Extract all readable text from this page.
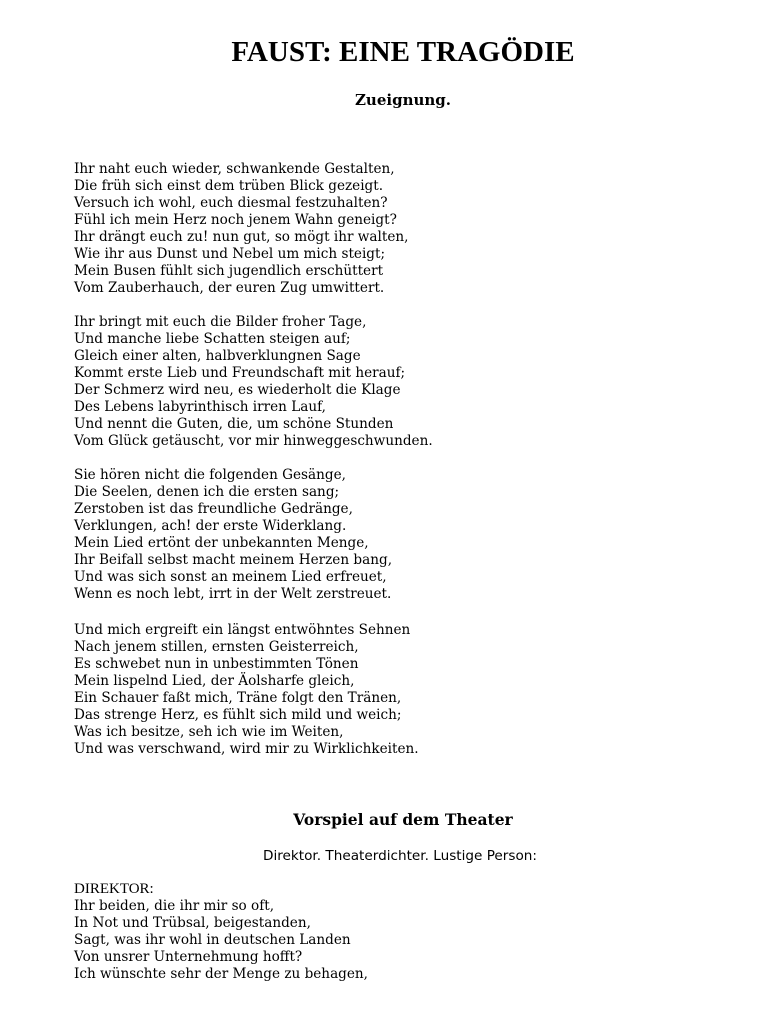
FAUST: EINE TRAGÖDIE
Zueignung.
Ihr naht euch wieder, schwankende Gestalten,
Die früh sich einst dem trüben Blick gezeigt.
Versuch ich wohl, euch diesmal festzuhalten?
Fühl ich mein Herz noch jenem Wahn geneigt?
Ihr drängt euch zu! nun gut, so mögt ihr walten,
Wie ihr aus Dunst und Nebel um mich steigt;
Mein Busen fühlt sich jugendlich erschüttert
Vom Zauberhauch, der euren Zug umwittert.
Ihr bringt mit euch die Bilder froher Tage,
Und manche liebe Schatten steigen auf;
Gleich einer alten, halbverklungnen Sage
Kommt erste Lieb und Freundschaft mit herauf;
Der Schmerz wird neu, es wiederholt die Klage
Des Lebens labyrinthisch irren Lauf,
Und nennt die Guten, die, um schöne Stunden
Vom Glück getäuscht, vor mir hinweggeschwunden.
Sie hören nicht die folgenden Gesänge,
Die Seelen, denen ich die ersten sang;
Zerstoben ist das freundliche Gedränge,
Verklungen, ach! der erste Widerklang.
Mein Lied ertönt der unbekannten Menge,
Ihr Beifall selbst macht meinem Herzen bang,
Und was sich sonst an meinem Lied erfreuet,
Wenn es noch lebt, irrt in der Welt zerstreuet.
Und mich ergreift ein längst entwöhntes Sehnen
Nach jenem stillen, ernsten Geisterreich,
Es schwebet nun in unbestimmten Tönen
Mein lispelnd Lied, der Äolsharfe gleich,
Ein Schauer faßt mich, Träne folgt den Tränen,
Das strenge Herz, es fühlt sich mild und weich;
Was ich besitze, seh ich wie im Weiten,
Und was verschwand, wird mir zu Wirklichkeiten.
Vorspiel auf dem Theater
Direktor. Theaterdichter. Lustige Person:
DIREKTOR:
Ihr beiden, die ihr mir so oft,
In Not und Trübsal, beigestanden,
Sagt, was ihr wohl in deutschen Landen
Von unsrer Unternehmung hofft?
Ich wünschte sehr der Menge zu behagen,
